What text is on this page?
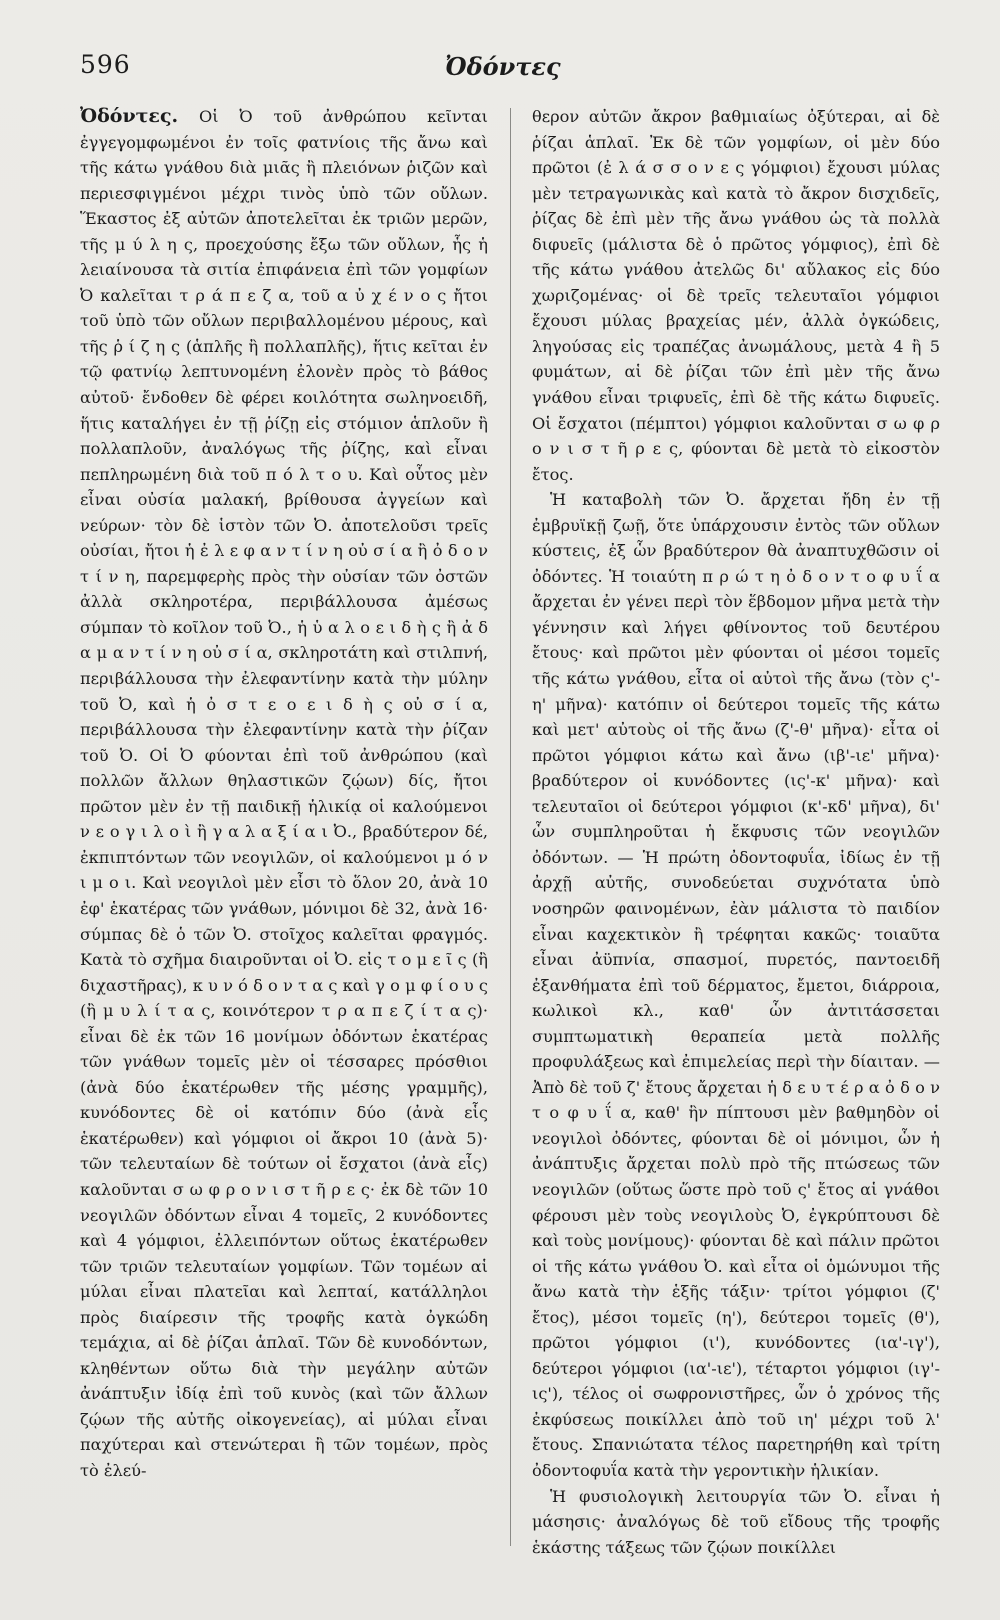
596	Ὀδόντες

Ὀδόντες. Οἱ Ὀ τοῦ ἀνθρώπου κεῖνται ἐγγεγομφωμένοι ἐν τοῖς φατνίοις τῆς ἄνω καὶ τῆς κάτω γνάθου διὰ μιᾶς ἢ πλειόνων ῥιζῶν καὶ περιεσφιγμένοι μέχρι τινὸς ὑπὸ τῶν οὔλων. Ἕκαστος ἐξ αὐτῶν ἀποτελεῖται ἐκ τριῶν μερῶν, τῆς μ ύ λ η ς, προεχούσης ἔξω τῶν οὔλων, ἧς ἡ λειαίνουσα τὰ σιτία ἐπιφάνεια ἐπὶ τῶν γομφίων Ὀ καλεῖται τ ρ ά π ε ζ α, τοῦ α ὐ χ έ ν ο ς ἤτοι τοῦ ὑπὸ τῶν οὔλων περιβαλλομένου μέρους, καὶ τῆς ῥ ί ζ η ς (ἁπλῆς ἢ πολλαπλῆς), ἥτις κεῖται ἐν τῷ φατνίῳ λεπτυνομένη ἐλονὲν πρὸς τὸ βάθος αὐτοῦ· ἔνδοθεν δὲ φέρει κοιλότητα σωληνοειδῆ, ἥτις καταλήγει ἐν τῇ ῥίζῃ εἰς στόμιον ἁπλοῦν ἢ πολλαπλοῦν, ἀναλόγως τῆς ῥίζης, καὶ εἶναι πεπληρωμένη διὰ τοῦ π ό λ τ ο υ. Καὶ οὗτος μὲν εἶναι οὐσία μαλακή, βρίθουσα ἀγγείων καὶ νεύρων· τὸν δὲ ἱστὸν τῶν Ὀ. ἀποτελοῦσι τρεῖς οὐσίαι, ἤτοι ἡ ἐ λ ε φ α ν τ ί ν η οὐ σ ί α ἢ ὀ δ ο ν τ ί ν η, παρεμφερὴς πρὸς τὴν οὐσίαν τῶν ὀστῶν ἀλλὰ σκληροτέρα, περιβάλλουσα ἀμέσως σύμπαν τὸ κοῖλον τοῦ Ὀ., ἡ ὑ α λ ο ε ι δ ὴ ς ἢ ἀ δ α μ α ν τ ί ν η οὐ σ ί α, σκληροτάτη καὶ στιλπνή, περιβάλλουσα τὴν ἐλεφαντίνην κατὰ τὴν μύλην τοῦ Ὀ, καὶ ἡ ὀ σ τ ε ο ε ι δ ὴ ς οὐ σ ί α, περιβάλλουσα τὴν ἐλεφαντίνην κατὰ τὴν ῥίζαν τοῦ Ὀ. Οἱ Ὀ φύονται ἐπὶ τοῦ ἀνθρώπου (καὶ πολλῶν ἄλλων θηλαστικῶν ζῴων) δίς, ἤτοι πρῶτον μὲν ἐν τῇ παιδικῇ ἡλικίᾳ οἱ καλούμενοι ν ε ο γ ι λ ο ὶ ἢ γ α λ α ξ ί α ι Ὀ., βραδύτερον δέ, ἐκπιπτόντων τῶν νεογιλῶν, οἱ καλούμενοι μ ό ν ι μ ο ι. Καὶ νεογιλοὶ μὲν εἶσι τὸ ὅλον 20, ἀνὰ 10 ἐφ' ἑκατέρας τῶν γνάθων, μόνιμοι δὲ 32, ἀνὰ 16· σύμπας δὲ ὁ τῶν Ὀ. στοῖχος καλεῖται φραγμός. Κατὰ τὸ σχῆμα διαιροῦνται οἱ Ὀ. εἰς τ ο μ ε ῖ ς (ἢ διχαστῆρας), κ υ ν ό δ ο ν τ α ς καὶ γ ο μ φ ί ο υ ς (ἢ μ υ λ ί τ α ς, κοινότερον τ ρ α π ε ζ ί τ α ς)· εἶναι δὲ ἐκ τῶν 16 μονίμων ὀδόντων ἑκατέρας τῶν γνάθων τομεῖς μὲν οἱ τέσσαρες πρόσθιοι (ἀνὰ δύο ἑκατέρωθεν τῆς μέσης γραμμῆς), κυνόδοντες δὲ οἱ κατόπιν δύο (ἀνὰ εἷς ἑκατέρωθεν) καὶ γόμφιοι οἱ ἄκροι 10 (ἀνὰ 5)· τῶν τελευταίων δὲ τούτων οἱ ἔσχατοι (ἀνὰ εἷς) καλοῦνται σ ω φ ρ ο ν ι σ τ ῆ ρ ε ς· ἐκ δὲ τῶν 10 νεογιλῶν ὀδόντων εἶναι 4 τομεῖς, 2 κυνόδοντες καὶ 4 γόμφιοι, ἐλλειπόντων οὕτως ἑκατέρωθεν τῶν τριῶν τελευταίων γομφίων. Τῶν τομέων αἱ μύλαι εἶναι πλατεῖαι καὶ λεπταί, κατάλληλοι πρὸς διαίρεσιν τῆς τροφῆς κατὰ ὀγκώδη τεμάχια, αἱ δὲ ῥίζαι ἁπλαῖ. Τῶν δὲ κυνοδόντων, κληθέντων οὕτω διὰ τὴν μεγάλην αὐτῶν ἀνάπτυξιν ἰδίᾳ ἐπὶ τοῦ κυνὸς (καὶ τῶν ἄλλων ζῴων τῆς αὐτῆς οἰκογενείας), αἱ μύλαι εἶναι παχύτεραι καὶ στενώτεραι ἢ τῶν τομέων, πρὸς τὸ ἐλεύ-

θερον αὐτῶν ἄκρον βαθμιαίως ὀξύτεραι, αἱ δὲ ῥίζαι ἁπλαῖ. Ἐκ δὲ τῶν γομφίων, οἱ μὲν δύο πρῶτοι (ἐ λ ά σ σ ο ν ε ς γόμφιοι) ἔχουσι μύλας μὲν τετραγωνικὰς καὶ κατὰ τὸ ἄκρον δισχιδεῖς, ῥίζας δὲ ἐπὶ μὲν τῆς ἄνω γνάθου ὡς τὰ πολλὰ διφυεῖς (μάλιστα δὲ ὁ πρῶτος γόμφιος), ἐπὶ δὲ τῆς κάτω γνάθου ἀτελῶς δι' αὔλακος εἰς δύο χωριζομένας· οἱ δὲ τρεῖς τελευταῖοι γόμφιοι ἔχουσι μύλας βραχείας μέν, ἀλλὰ ὀγκώδεις, ληγούσας εἰς τραπέζας ἀνωμάλους, μετὰ 4 ἢ 5 φυμάτων, αἱ δὲ ῥίζαι τῶν ἐπὶ μὲν τῆς ἄνω γνάθου εἶναι τριφυεῖς, ἐπὶ δὲ τῆς κάτω διφυεῖς. Οἱ ἔσχατοι (πέμπτοι) γόμφιοι καλοῦνται σ ω φ ρ ο ν ι σ τ ῆ ρ ε ς, φύονται δὲ μετὰ τὸ εἰκοστὸν ἔτος.

Ἡ καταβολὴ τῶν Ὀ. ἄρχεται ἤδη ἐν τῇ ἐμβρυϊκῇ ζωῇ, ὅτε ὑπάρχουσιν ἐντὸς τῶν οὔλων κύστεις, ἐξ ὧν βραδύτερον θὰ ἀναπτυχθῶσιν οἱ ὀδόντες. Ἡ τοιαύτη π ρ ώ τ η ὀ δ ο ν τ ο φ υ ΐ α ἄρχεται ἐν γένει περὶ τὸν ἕβδομον μῆνα μετὰ τὴν γέννησιν καὶ λήγει φθίνοντος τοῦ δευτέρου ἔτους· καὶ πρῶτοι μὲν φύονται οἱ μέσοι τομεῖς τῆς κάτω γνάθου, εἶτα οἱ αὐτοὶ τῆς ἄνω (τὸν ς'-η' μῆνα)· κατόπιν οἱ δεύτεροι τομεῖς τῆς κάτω καὶ μετ' αὐτοὺς οἱ τῆς ἄνω (ζ'-θ' μῆνα)· εἶτα οἱ πρῶτοι γόμφιοι κάτω καὶ ἄνω (ιβ'-ιε' μῆνα)· βραδύτερον οἱ κυνόδοντες (ις'-κ' μῆνα)· καὶ τελευταῖοι οἱ δεύτεροι γόμφιοι (κ'-κδ' μῆνα), δι' ὧν συμπληροῦται ἡ ἔκφυσις τῶν νεογιλῶν ὀδόντων. — Ἡ πρώτη ὀδοντοφυΐα, ἰδίως ἐν τῇ ἀρχῇ αὐτῆς, συνοδεύεται συχνότατα ὑπὸ νοσηρῶν φαινομένων, ἐὰν μάλιστα τὸ παιδίον εἶναι καχεκτικὸν ἢ τρέφηται κακῶς· τοιαῦτα εἶναι ἀϋπνία, σπασμοί, πυρετός, παντοειδῆ ἐξανθήματα ἐπὶ τοῦ δέρματος, ἔμετοι, διάρροια, κωλικοὶ κλ., καθ' ὧν ἀντιτάσσεται συμπτωματικὴ θεραπεία μετὰ πολλῆς προφυλάξεως καὶ ἐπιμελείας περὶ τὴν δίαιταν. — Ἀπὸ δὲ τοῦ ζ' ἔτους ἄρχεται ἡ δ ε υ τ έ ρ α ὀ δ ο ν τ ο φ υ ΐ α, καθ' ἣν πίπτουσι μὲν βαθμηδὸν οἱ νεογιλοὶ ὀδόντες, φύονται δὲ οἱ μόνιμοι, ὧν ἡ ἀνάπτυξις ἄρχεται πολὺ πρὸ τῆς πτώσεως τῶν νεογιλῶν (οὕτως ὥστε πρὸ τοῦ ς' ἔτος αἱ γνάθοι φέρουσι μὲν τοὺς νεογιλοὺς Ὀ, ἐγκρύπτουσι δὲ καὶ τοὺς μονίμους)· φύονται δὲ καὶ πάλιν πρῶτοι οἱ τῆς κάτω γνάθου Ὀ. καὶ εἶτα οἱ ὁμώνυμοι τῆς ἄνω κατὰ τὴν ἑξῆς τάξιν· τρίτοι γόμφιοι (ζ' ἔτος), μέσοι τομεῖς (η'), δεύτεροι τομεῖς (θ'), πρῶτοι γόμφιοι (ι'), κυνόδοντες (ια'-ιγ'), δεύτεροι γόμφιοι (ια'-ιε'), τέταρτοι γόμφιοι (ιγ'-ις'), τέλος οἱ σωφρονιστῆρες, ὧν ὁ χρόνος τῆς ἐκφύσεως ποικίλλει ἀπὸ τοῦ ιη' μέχρι τοῦ λ' ἔτους. Σπανιώτατα τέλος παρετηρήθη καὶ τρίτη ὀδοντοφυΐα κατὰ τὴν γεροντικὴν ἡλικίαν.

Ἡ φυσιολογικὴ λειτουργία τῶν Ὀ. εἶναι ἡ μάσησις· ἀναλόγως δὲ τοῦ εἴδους τῆς τροφῆς ἑκάστης τάξεως τῶν ζῴων ποικίλλει
